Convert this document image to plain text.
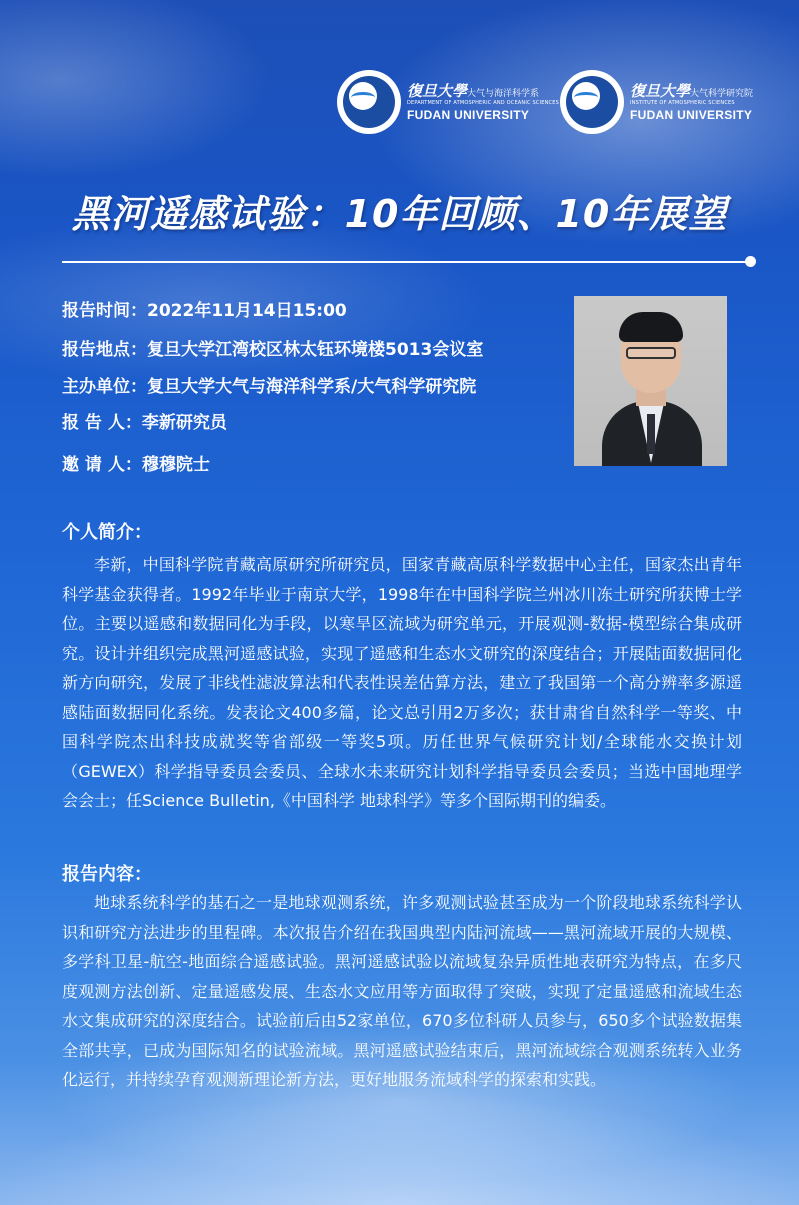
復旦大學大气与海洋科学系
DEPARTMENT OF ATMOSPHERIC AND OCEANIC SCIENCES
FUDAN UNIVERSITY
復旦大學大气科学研究院
INSTITUTE OF ATMOSPHERIC SCIENCES
FUDAN UNIVERSITY
黑河遥感试验：10年回顾、10年展望
报告时间：2022年11月14日15:00
报告地点：复旦大学江湾校区林太钰环境楼5013会议室
主办单位：复旦大学大气与海洋科学系/大气科学研究院
报 告 人：李新研究员
邀 请 人：穆穆院士
个人简介：
李新，中国科学院青藏高原研究所研究员，国家青藏高原科学数据中心主任，国家杰出青年科学基金获得者。1992年毕业于南京大学，1998年在中国科学院兰州冰川冻土研究所获博士学位。主要以遥感和数据同化为手段，以寒旱区流域为研究单元，开展观测-数据-模型综合集成研究。设计并组织完成黑河遥感试验，实现了遥感和生态水文研究的深度结合；开展陆面数据同化新方向研究，发展了非线性滤波算法和代表性误差估算方法，建立了我国第一个高分辨率多源遥感陆面数据同化系统。发表论文400多篇，论文总引用2万多次；获甘肃省自然科学一等奖、中国科学院杰出科技成就奖等省部级一等奖5项。历任世界气候研究计划/全球能水交换计划（GEWEX）科学指导委员会委员、全球水未来研究计划科学指导委员会委员；当选中国地理学会会士；任Science Bulletin,《中国科学 地球科学》等多个国际期刊的编委。
报告内容：
地球系统科学的基石之一是地球观测系统，许多观测试验甚至成为一个阶段地球系统科学认识和研究方法进步的里程碑。本次报告介绍在我国典型内陆河流域——黑河流域开展的大规模、多学科卫星-航空-地面综合遥感试验。黑河遥感试验以流域复杂异质性地表研究为特点，在多尺度观测方法创新、定量遥感发展、生态水文应用等方面取得了突破，实现了定量遥感和流域生态水文集成研究的深度结合。试验前后由52家单位，670多位科研人员参与，650多个试验数据集全部共享，已成为国际知名的试验流域。黑河遥感试验结束后，黑河流域综合观测系统转入业务化运行，并持续孕育观测新理论新方法，更好地服务流域科学的探索和实践。
